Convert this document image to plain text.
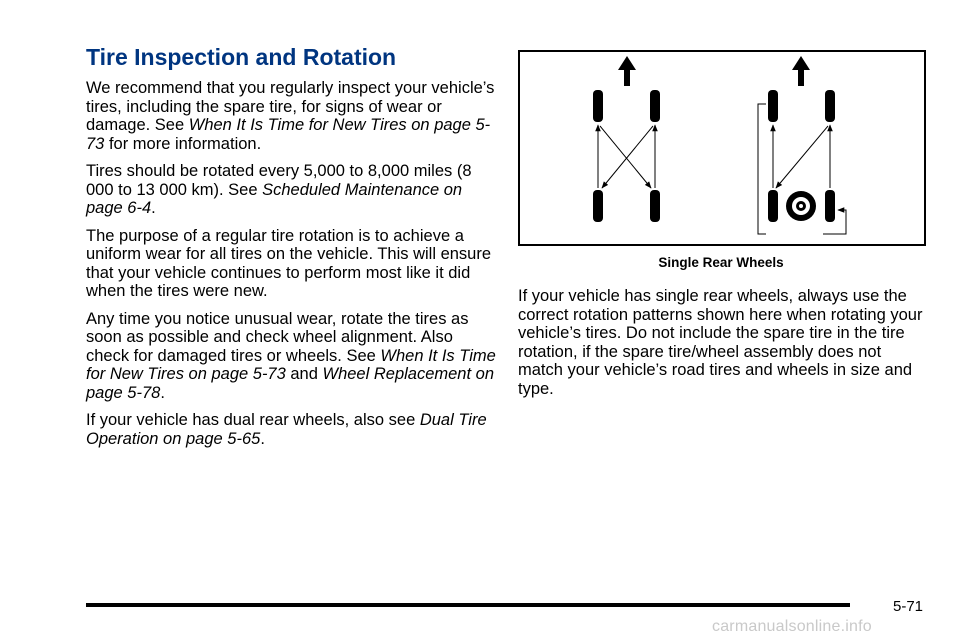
Tire Inspection and Rotation

We recommend that you regularly inspect your vehicle’s tires, including the spare tire, for signs of wear or damage. See When It Is Time for New Tires on page 5-73 for more information.

Tires should be rotated every 5,000 to 8,000 miles (8 000 to 13 000 km). See Scheduled Maintenance on page 6-4.

The purpose of a regular tire rotation is to achieve a uniform wear for all tires on the vehicle. This will ensure that your vehicle continues to perform most like it did when the tires were new.

Any time you notice unusual wear, rotate the tires as soon as possible and check wheel alignment. Also check for damaged tires or wheels. See When It Is Time for New Tires on page 5-73 and Wheel Replacement on page 5-78.

If your vehicle has dual rear wheels, also see Dual Tire Operation on page 5-65.

Single Rear Wheels

If your vehicle has single rear wheels, always use the correct rotation patterns shown here when rotating your vehicle’s tires. Do not include the spare tire in the tire rotation, if the spare tire/wheel assembly does not match your vehicle’s road tires and wheels in size and type.

5-71
carmanualsonline.info
